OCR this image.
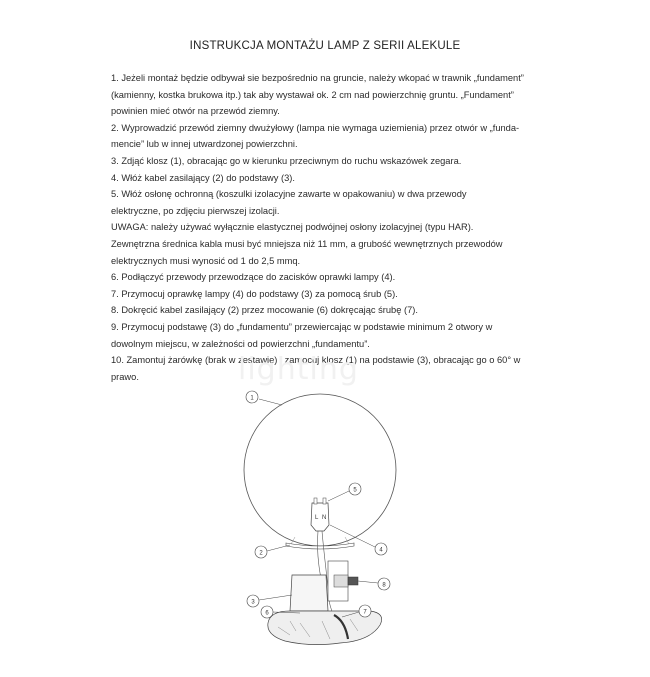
INSTRUKCJA MONTAŻU LAMP Z SERII ALEKULE
1. Jeżeli montaż będzie odbywał sie bezpośrednio na gruncie, należy wkopać w trawnik „fundament”
(kamienny, kostka brukowa itp.) tak aby wystawał ok. 2 cm nad powierzchnię gruntu. „Fundament”
powinien mieć otwór na przewód ziemny.
2. Wyprowadzić przewód ziemny dwużyłowy (lampa nie wymaga uziemienia) przez otwór w „funda-
mencie” lub w innej utwardzonej powierzchni.
3. Zdjąć klosz (1), obracając go w kierunku przeciwnym do ruchu wskazówek zegara.
4. Włóż kabel zasilający (2) do podstawy (3).
5. Włóż osłonę ochronną (koszulki izolacyjne zawarte w opakowaniu) w dwa przewody
elektryczne, po zdjęciu pierwszej izolacji.
UWAGA: należy używać wyłącznie elastycznej podwójnej osłony izolacyjnej (typu HAR).
Zewnętrzna średnica kabla musi być mniejsza niż 11 mm, a grubość wewnętrznych przewodów
elektrycznych musi wynosić od 1 do 2,5 mmq.
6. Podłączyć przewody przewodzące do zacisków oprawki lampy (4).
7. Przymocuj oprawkę lampy (4) do podstawy (3) za pomocą śrub (5).
8. Dokręcić kabel zasilający (2) przez mocowanie (6) dokręcając śrubę (7).
9. Przymocuj podstawę (3) do „fundamentu” przewiercając w podstawie minimum 2 otwory w
dowolnym miejscu, w zależności od powierzchni „fundamentu”.
10. Zamontuj żarówkę (brak w zestawie) i zamocuj klosz (1) na podstawie (3), obracając go o 60° w
prawo.	lighting
L N
1
2
3
4
5
6	7
8
